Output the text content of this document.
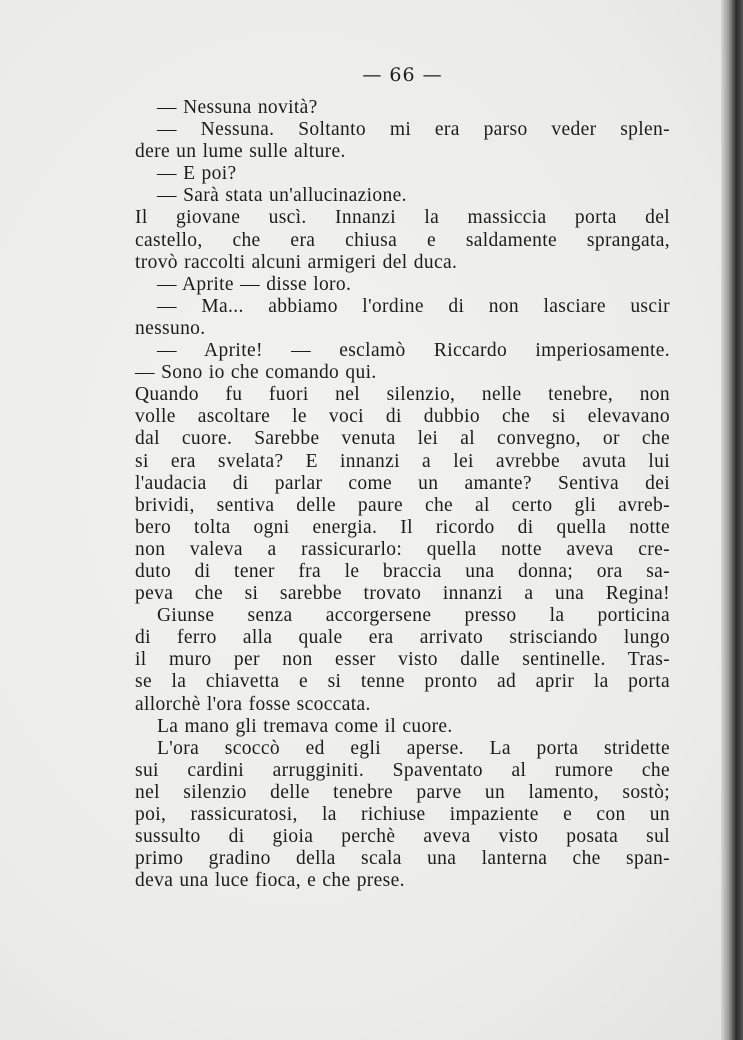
— 66 —
— Nessuna novità?
— Nessuna. Soltanto mi era parso veder splen-
dere un lume sulle alture.
— E poi?
— Sarà stata un'allucinazione.
Il giovane uscì. Innanzi la massiccia porta del
castello, che era chiusa e saldamente sprangata,
trovò raccolti alcuni armigeri del duca.
— Aprite — disse loro.
— Ma... abbiamo l'ordine di non lasciare uscir
nessuno.
— Aprite! — esclamò Riccardo imperiosamente.
— Sono io che comando qui.
Quando fu fuori nel silenzio, nelle tenebre, non
volle ascoltare le voci di dubbio che si elevavano
dal cuore. Sarebbe venuta lei al convegno, or che
si era svelata? E innanzi a lei avrebbe avuta lui
l'audacia di parlar come un amante? Sentiva dei
brividi, sentiva delle paure che al certo gli avreb-
bero tolta ogni energia. Il ricordo di quella notte
non valeva a rassicurarlo: quella notte aveva cre-
duto di tener fra le braccia una donna; ora sa-
peva che si sarebbe trovato innanzi a una Regina!
Giunse senza accorgersene presso la porticina
di ferro alla quale era arrivato strisciando lungo
il muro per non esser visto dalle sentinelle. Tras-
se la chiavetta e si tenne pronto ad aprir la porta
allorchè l'ora fosse scoccata.
La mano gli tremava come il cuore.
L'ora scoccò ed egli aperse. La porta stridette
sui cardini arrugginiti. Spaventato al rumore che
nel silenzio delle tenebre parve un lamento, sostò;
poi, rassicuratosi, la richiuse impaziente e con un
sussulto di gioia perchè aveva visto posata sul
primo gradino della scala una lanterna che span-
deva una luce fioca, e che prese.
